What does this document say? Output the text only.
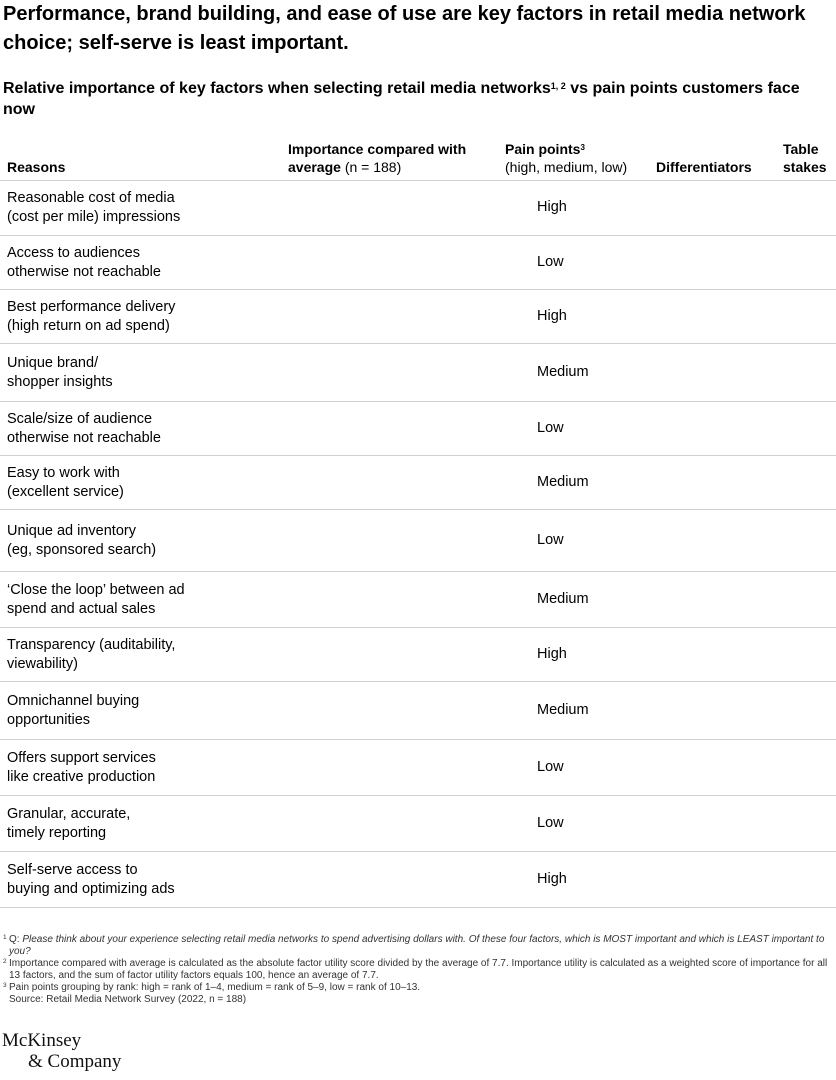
Performance, brand building, and ease of use are key factors in retail media network choice; self-serve is least important.
Relative importance of key factors when selecting retail media networks$^{1, 2}$ vs pain points customers face now
Reasons
Importance compared with average (n = 188)
Pain points$^3$
(high, medium, low)	Differentiators
Table
stakes
Reasonable cost of media
(cost per mile) impressions
High
Access to audiences
otherwise not reachable
Low
Best performance delivery
(high return on ad spend)
High
Unique brand/
shopper insights
Medium
Scale/size of audience
otherwise not reachable
Low
Easy to work with
(excellent service)
Medium
Unique ad inventory
(eg, sponsored search)
Low
‘Close the loop’ between ad
spend and actual sales
Medium
Transparency (auditability,
viewability)
High
Omnichannel buying
opportunities
Medium
Offers support services
like creative production
Low
Granular, accurate,
timely reporting
Low
Self-serve access to
buying and optimizing ads
High
1 Q: Please think about your experience selecting retail media networks to spend advertising dollars with. Of these four factors, which is MOST important and which is LEAST important to you?
2 Importance compared with average is calculated as the absolute factor utility score divided by the average of 7.7. Importance utility is calculated as a weighted score of importance for all 13 factors, and the sum of factor utility factors equals 100, hence an average of 7.7.
3 Pain points grouping by rank: high = rank of 1–4, medium = rank of 5–9, low = rank of 10–13.
Source: Retail Media Network Survey (2022, n = 188)
McKinsey
& Company
